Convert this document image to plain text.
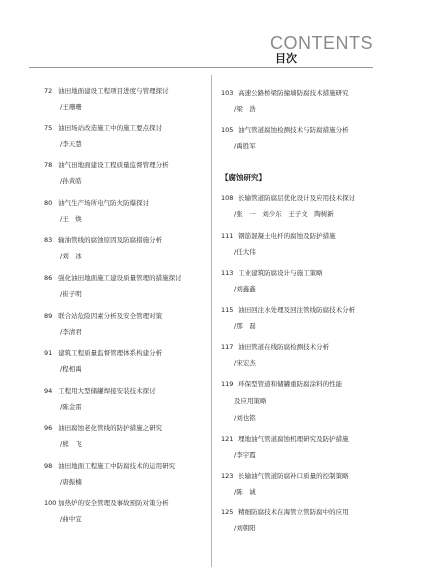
CONTENTS
目次
72 油田地面建设工程项目进度与管理探讨
/王珊珊
75 油田场站改造施工中的施工要点探讨
/李天慧
78 油气田地面建设工程质量监督管理分析
/孙黄皓
80 油气生产场所电气防火防爆探讨
/王　焕
83 输油管线的腐蚀原因及防腐措施分析
/刘　冰
86 强化油田地面施工建设质量管理的措施探讨
/崔子明
89 联合站危险因素分析及安全管理对策
/李清君
91 建筑工程质量监督管理体系构建分析
/程相禹
94 工程用大型储罐焊接安装技术探讨
/陈金雷
96 油田腐蚀老化管线的防护措施之研究
/熊　飞
98 油田地面工程施工中防腐技术的运用研究
/唐振楠
100 加热炉的安全管理及事故预防对策分析
/曲中宜
103 高速公路桥梁防撞墙防腐技术措施研究
/梁　浩
105 油气管道腐蚀检测技术与防腐措施分析
/禹胜军
【腐蚀研究】
108 长输管道防腐层优化设计及应用技术探讨
/张　一　刘少东　王子文　陶树新
111 钢筋混凝土电杆的腐蚀及防护措施
/任大伟
113 工业建筑防腐设计与施工策略
/刘鑫鑫
115 油田回注水处理及回注管线防腐技术分析
/那　磊
117 油田管道在线防腐检测技术分析
/宋宏杰
119 环保型管道和储罐重防腐涂料的性能
及应用策略
/刘也铭
121 埋地油气管道腐蚀机理研究及防护措施
/李宇霞
123 长输油气管道防腐补口质量的控制策略
/陈　诚
125 精细防腐技术在海管立管防腐中的应用
/刘朝阳
